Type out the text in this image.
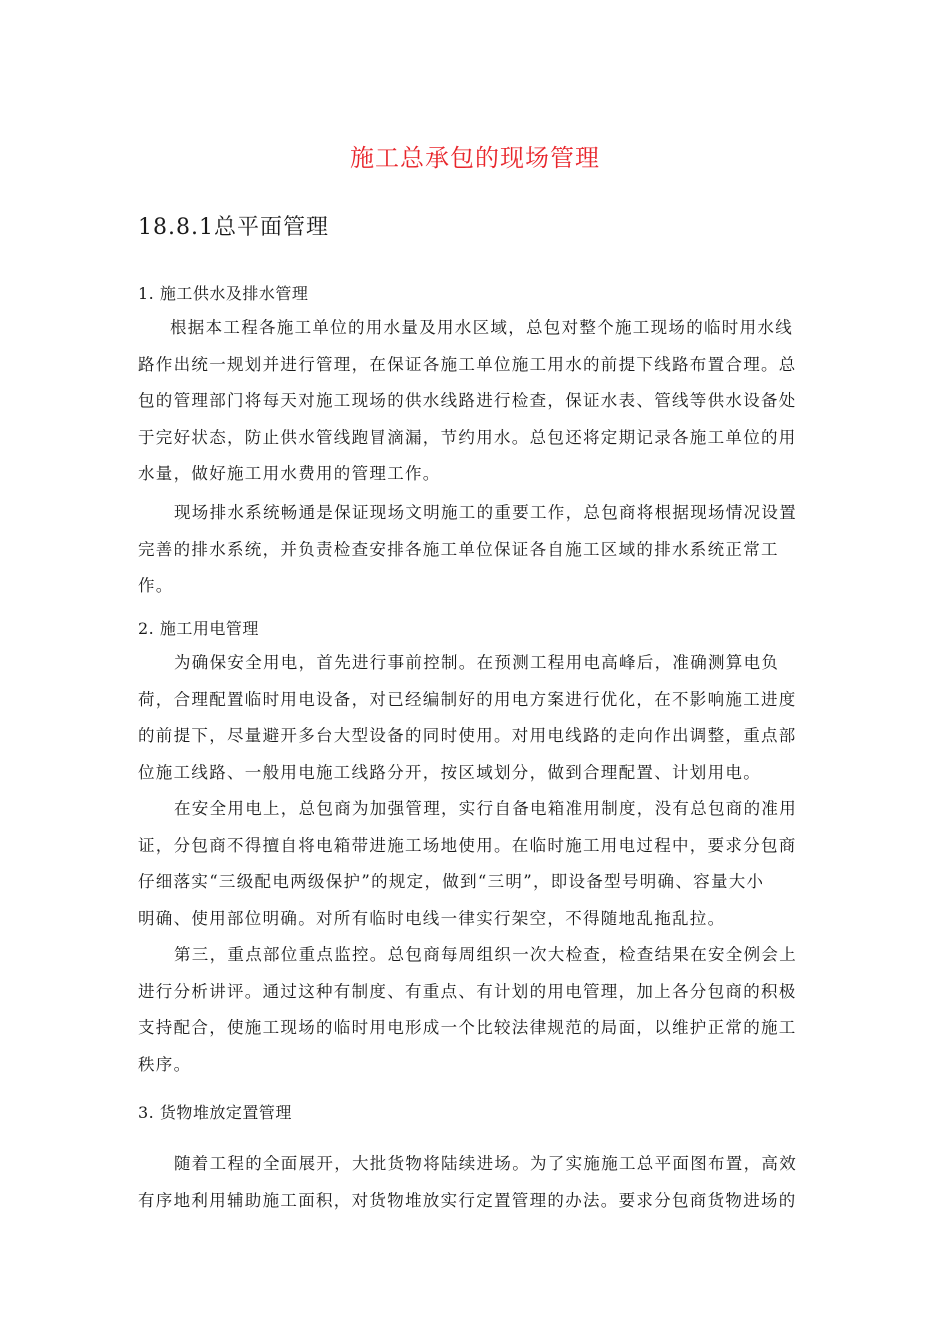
施工总承包的现场管理
18.8.1总平面管理
1. 施工供水及排水管理
根据本工程各施工单位的用水量及用水区域，总包对整个施工现场的临时用水线
路作出统一规划并进行管理，在保证各施工单位施工用水的前提下线路布置合理。总
包的管理部门将每天对施工现场的供水线路进行检查，保证水表、管线等供水设备处
于完好状态，防止供水管线跑冒滴漏，节约用水。总包还将定期记录各施工单位的用
水量，做好施工用水费用的管理工作。
现场排水系统畅通是保证现场文明施工的重要工作，总包商将根据现场情况设置
完善的排水系统，并负责检查安排各施工单位保证各自施工区域的排水系统正常工
作。
2. 施工用电管理
为确保安全用电，首先进行事前控制。在预测工程用电高峰后，准确测算电负
荷，合理配置临时用电设备，对已经编制好的用电方案进行优化，在不影响施工进度
的前提下，尽量避开多台大型设备的同时使用。对用电线路的走向作出调整，重点部
位施工线路、一般用电施工线路分开，按区域划分，做到合理配置、计划用电。
在安全用电上，总包商为加强管理，实行自备电箱准用制度，没有总包商的准用
证，分包商不得擅自将电箱带进施工场地使用。在临时施工用电过程中，要求分包商
仔细落实“三级配电两级保护”的规定，做到“三明”，即设备型号明确、容量大小
明确、使用部位明确。对所有临时电线一律实行架空，不得随地乱拖乱拉。
第三，重点部位重点监控。总包商每周组织一次大检查，检查结果在安全例会上
进行分析讲评。通过这种有制度、有重点、有计划的用电管理，加上各分包商的积极
支持配合，使施工现场的临时用电形成一个比较法律规范的局面，以维护正常的施工
秩序。
3. 货物堆放定置管理
随着工程的全面展开，大批货物将陆续进场。为了实施施工总平面图布置，高效
有序地利用辅助施工面积，对货物堆放实行定置管理的办法。要求分包商货物进场的
